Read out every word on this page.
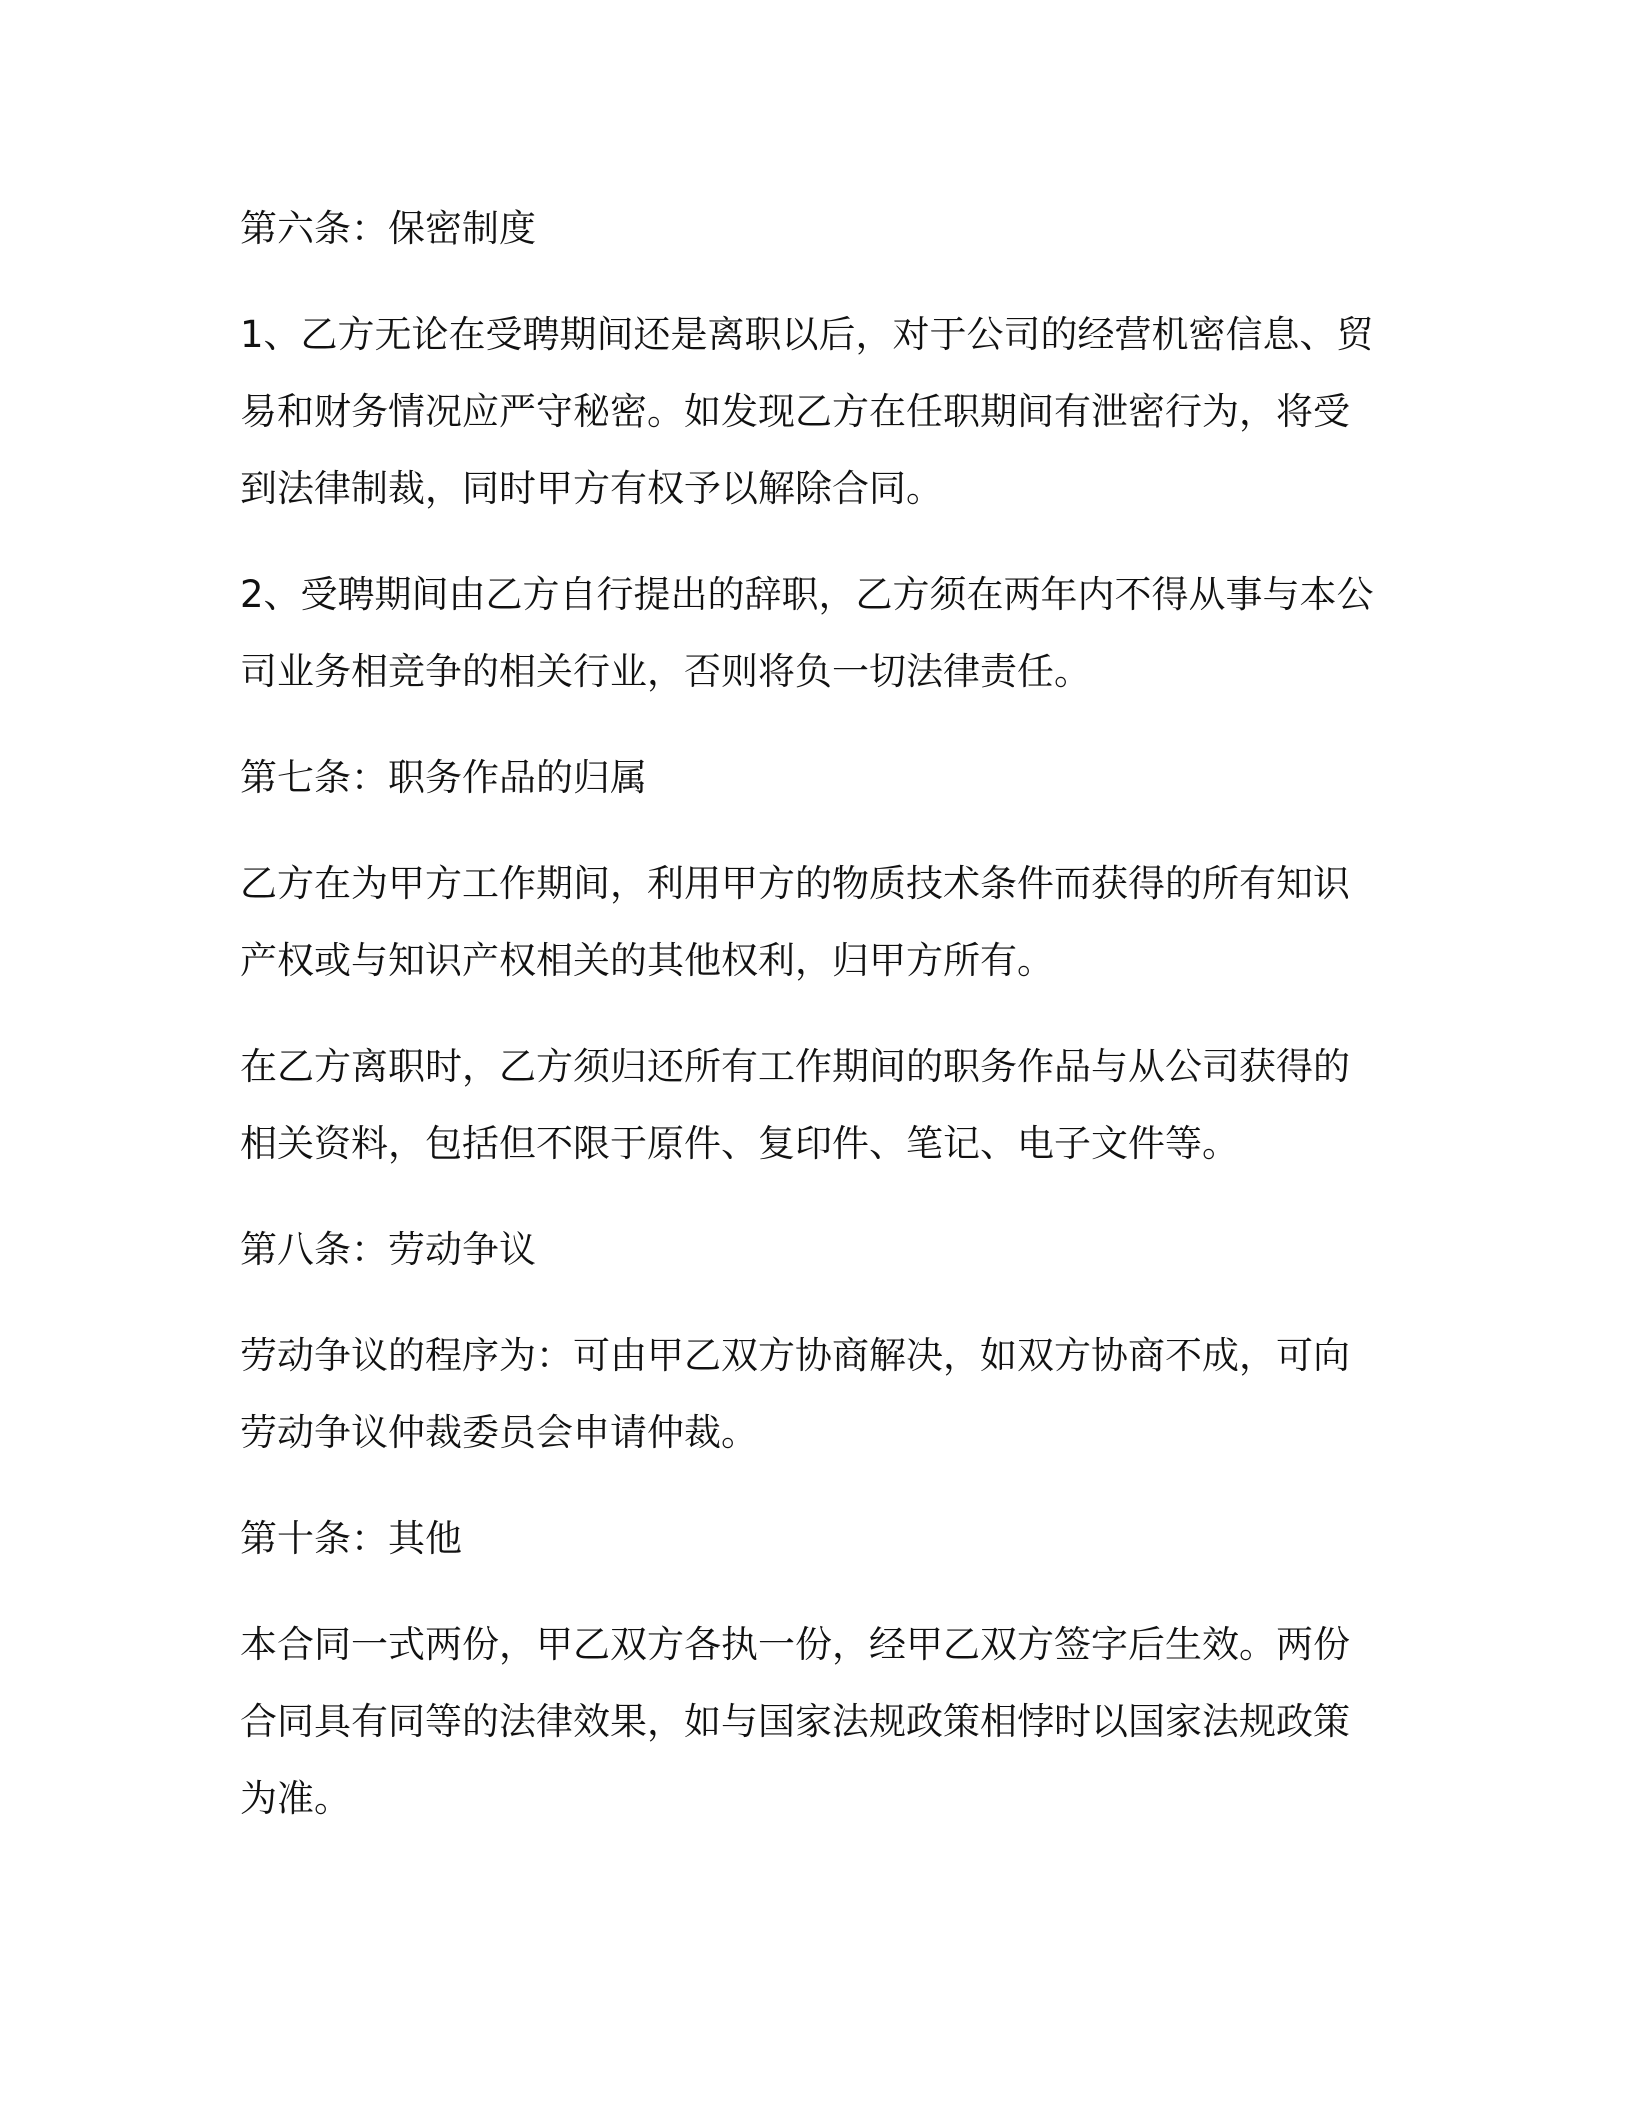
第六条：保密制度
1、乙方无论在受聘期间还是离职以后，对于公司的经营机密信息、贸
易和财务情况应严守秘密。如发现乙方在任职期间有泄密行为，将受
到法律制裁，同时甲方有权予以解除合同。
2、受聘期间由乙方自行提出的辞职，乙方须在两年内不得从事与本公
司业务相竞争的相关行业，否则将负一切法律责任。
第七条：职务作品的归属
乙方在为甲方工作期间，利用甲方的物质技术条件而获得的所有知识
产权或与知识产权相关的其他权利，归甲方所有。
在乙方离职时，乙方须归还所有工作期间的职务作品与从公司获得的
相关资料，包括但不限于原件、复印件、笔记、电子文件等。
第八条：劳动争议
劳动争议的程序为：可由甲乙双方协商解决，如双方协商不成，可向
劳动争议仲裁委员会申请仲裁。
第十条：其他
本合同一式两份，甲乙双方各执一份，经甲乙双方签字后生效。两份
合同具有同等的法律效果，如与国家法规政策相悖时以国家法规政策
为准。
